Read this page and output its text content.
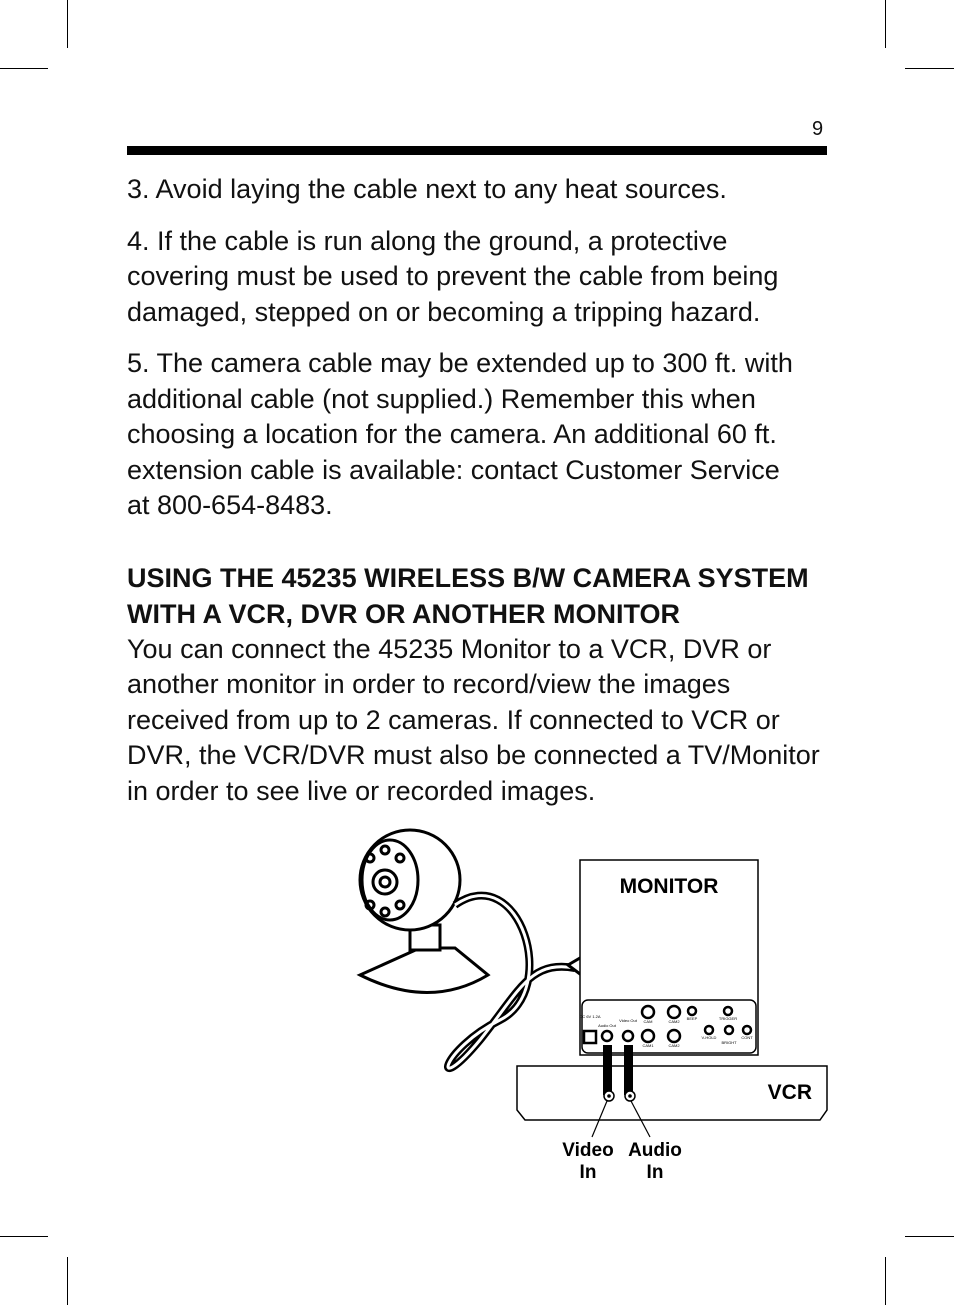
9
MONITOR
DC 6V 1.2A
Audio Out
Video Out CAM	CAM2
CAM1	CAM2
BEEP	TRIGGER
V-HOLD
BRIGHT
CONT
VCR
Video
In
Audio
In

3. Avoid laying the cable next to any heat sources.

4. If the cable is run along the ground, a protective covering must be used to prevent the cable from being damaged, stepped on or becoming a tripping hazard.

5. The camera cable may be extended up to 300 ft. with additional cable (not supplied.) Remember this when choosing a location for the camera. An additional 60 ft. extension cable is available: contact Customer Service at 800-654-8483.

USING THE 45235 WIRELESS B/W CAMERA SYSTEM WITH A VCR, DVR OR ANOTHER MONITOR
You can connect the 45235 Monitor to a VCR, DVR or another monitor in order to record/view the images received from up to 2 cameras. If connected to VCR or DVR, the VCR/DVR must also be connected a TV/Monitor in order to see live or recorded images.
